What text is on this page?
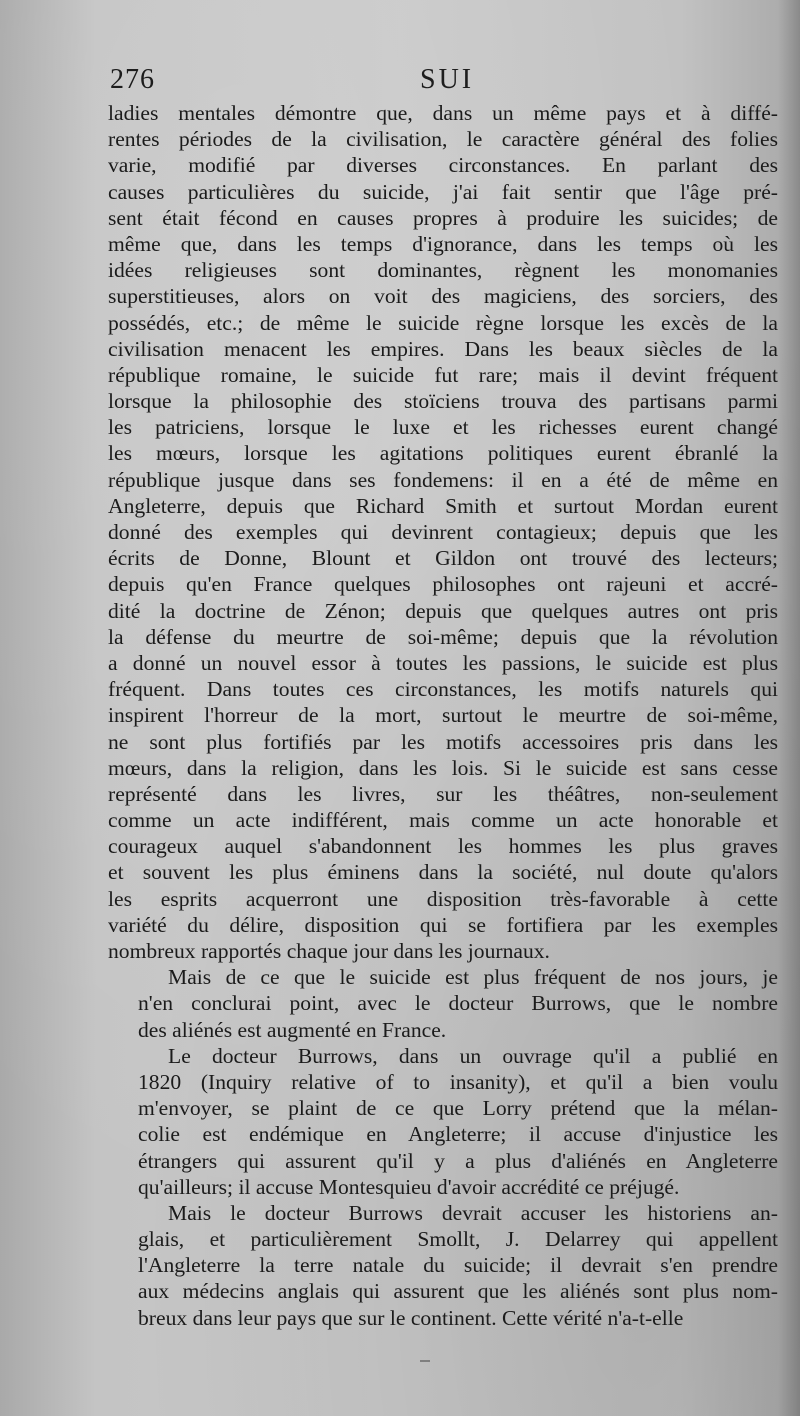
276	SUI
ladies mentales démontre que, dans un même pays et à diffé-
rentes périodes de la civilisation, le caractère général des folies
varie, modifié par diverses circonstances. En parlant des
causes particulières du suicide, j'ai fait sentir que l'âge pré-
sent était fécond en causes propres à produire les suicides; de
même que, dans les temps d'ignorance, dans les temps où les
idées religieuses sont dominantes, règnent les monomanies
superstitieuses, alors on voit des magiciens, des sorciers, des
possédés, etc.; de même le suicide règne lorsque les excès de la
civilisation menacent les empires. Dans les beaux siècles de la
république romaine, le suicide fut rare; mais il devint fréquent
lorsque la philosophie des stoïciens trouva des partisans parmi
les patriciens, lorsque le luxe et les richesses eurent changé
les mœurs, lorsque les agitations politiques eurent ébranlé la
république jusque dans ses fondemens: il en a été de même en
Angleterre, depuis que Richard Smith et surtout Mordan eurent
donné des exemples qui devinrent contagieux; depuis que les
écrits de Donne, Blount et Gildon ont trouvé des lecteurs;
depuis qu'en France quelques philosophes ont rajeuni et accré-
dité la doctrine de Zénon; depuis que quelques autres ont pris
la défense du meurtre de soi-même; depuis que la révolution
a donné un nouvel essor à toutes les passions, le suicide est plus
fréquent. Dans toutes ces circonstances, les motifs naturels qui
inspirent l'horreur de la mort, surtout le meurtre de soi-même,
ne sont plus fortifiés par les motifs accessoires pris dans les
mœurs, dans la religion, dans les lois. Si le suicide est sans cesse
représenté dans les livres, sur les théâtres, non-seulement
comme un acte indifférent, mais comme un acte honorable et
courageux auquel s'abandonnent les hommes les plus graves
et souvent les plus éminens dans la société, nul doute qu'alors
les esprits acquerront une disposition très-favorable à cette
variété du délire, disposition qui se fortifiera par les exemples
nombreux rapportés chaque jour dans les journaux.
Mais de ce que le suicide est plus fréquent de nos jours, je
n'en conclurai point, avec le docteur Burrows, que le nombre
des aliénés est augmenté en France.
Le docteur Burrows, dans un ouvrage qu'il a publié en
1820 (Inquiry relative of to insanity), et qu'il a bien voulu
m'envoyer, se plaint de ce que Lorry prétend que la mélan-
colie est endémique en Angleterre; il accuse d'injustice les
étrangers qui assurent qu'il y a plus d'aliénés en Angleterre
qu'ailleurs; il accuse Montesquieu d'avoir accrédité ce préjugé.
Mais le docteur Burrows devrait accuser les historiens an-
glais, et particulièrement Smollt, J. Delarrey qui appellent
l'Angleterre la terre natale du suicide; il devrait s'en prendre
aux médecins anglais qui assurent que les aliénés sont plus nom-
breux dans leur pays que sur le continent. Cette vérité n'a-t-elle
